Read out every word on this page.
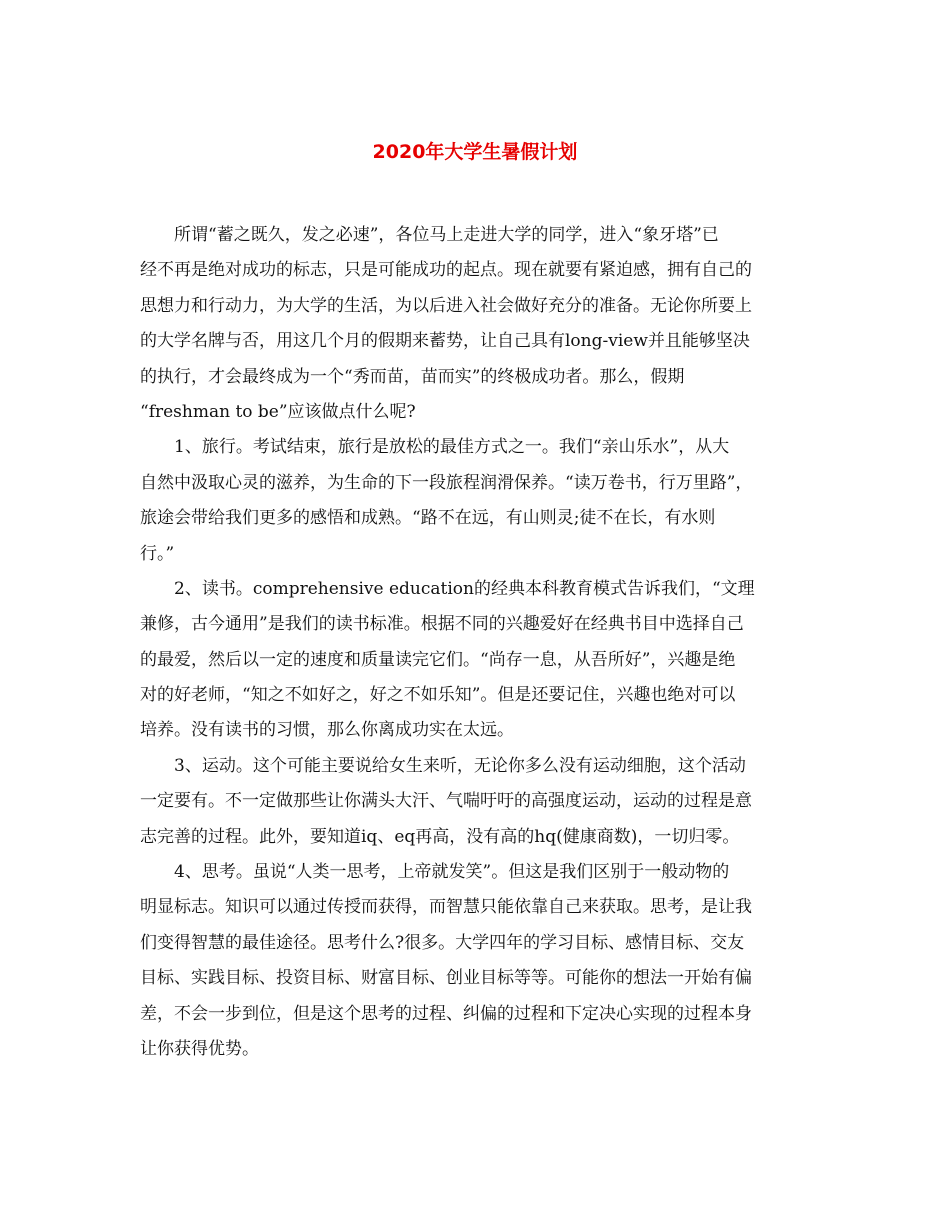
2020年大学生暑假计划
所谓“蓄之既久，发之必速”，各位马上走进大学的同学，进入“象牙塔”已
经不再是绝对成功的标志，只是可能成功的起点。现在就要有紧迫感，拥有自己的
思想力和行动力，为大学的生活，为以后进入社会做好充分的准备。无论你所要上
的大学名牌与否，用这几个月的假期来蓄势，让自己具有long-view并且能够坚决
的执行，才会最终成为一个“秀而苗，苗而实”的终极成功者。那么，假期
“freshman to be”应该做点什么呢?
1、旅行。考试结束，旅行是放松的最佳方式之一。我们“亲山乐水”，从大
自然中汲取心灵的滋养，为生命的下一段旅程润滑保养。“读万卷书，行万里路”，
旅途会带给我们更多的感悟和成熟。“路不在远，有山则灵;徒不在长，有水则
行。”
2、读书。comprehensive education的经典本科教育模式告诉我们，“文理
兼修，古今通用”是我们的读书标准。根据不同的兴趣爱好在经典书目中选择自己
的最爱，然后以一定的速度和质量读完它们。“尚存一息，从吾所好”，兴趣是绝
对的好老师，“知之不如好之，好之不如乐知”。但是还要记住，兴趣也绝对可以
培养。没有读书的习惯，那么你离成功实在太远。
3、运动。这个可能主要说给女生来听，无论你多么没有运动细胞，这个活动
一定要有。不一定做那些让你满头大汗、气喘吁吁的高强度运动，运动的过程是意
志完善的过程。此外，要知道iq、eq再高，没有高的hq(健康商数)，一切归零。
4、思考。虽说“人类一思考，上帝就发笑”。但这是我们区别于一般动物的
明显标志。知识可以通过传授而获得，而智慧只能依靠自己来获取。思考，是让我
们变得智慧的最佳途径。思考什么?很多。大学四年的学习目标、感情目标、交友
目标、实践目标、投资目标、财富目标、创业目标等等。可能你的想法一开始有偏
差，不会一步到位，但是这个思考的过程、纠偏的过程和下定决心实现的过程本身
让你获得优势。
